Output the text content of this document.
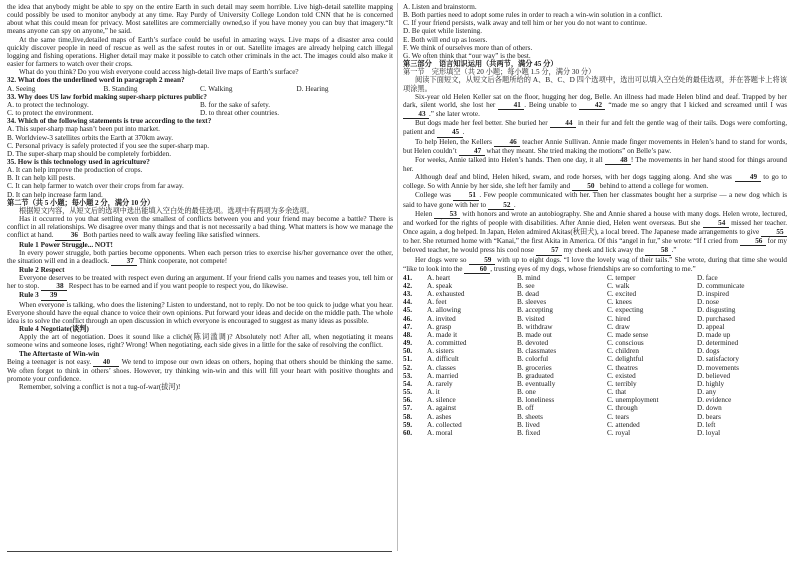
the idea that anybody might be able to spy on the entire Earth in such detail may seem horrible. Live high-detail satellite mapping could possibly be used to monitor anybody at any time. Ray Purdy of University College London told CNN that he is concerned about what this could mean for privacy. Most satellites are commercially owned,so if you have money you can buy that imagery.“It means anyone can spy on anyone,” he said.

At the same time,live,detailed maps of Earth’s surface could be useful in amazing ways. Live maps of a disaster area could quickly discover people in need of rescue as well as the safest routes in or out. Satellite images are already helping catch illegal logging and fishing operations. Higher detail may make it possible to catch other criminals in the act. The images could also make it easier for farmers to watch over their crops.

What do you think? Do you wish everyone could access high-detail live maps of Earth’s surface?

32. What does the underlined word in paragraph 2 mean?

A. Seeing	B. Standing	C. Walking	D. Hearing

33. Why does US law forbid making super-sharp pictures public?

A. to protect the technology.	B. for the sake of safety.
C. to protect the environment.	D. to threat other countries.

34. Which of the following statements is true according to the text?

A. This super-sharp map hasn’t been put into market.

B. Worldview-3 satellites orbits the Earth at 370km away.

C. Personal privacy is safely protected if you see the super-sharp map.

D. The super-sharp map should be completely forbidden.

35. How is this technology used in agriculture?

A. It can help improve the production of crops.

B. It can help kill pests.

C. It can help farmer to watch over their crops from far away.

D. It can help increase farm land.

第二节（共 5 小题；每小题 2 分，满分 10 分）

根据短文内容，从短文后的选项中选出能填入空白处的最佳选项。选项中有两项为多余选项。

Has it occurred to you that settling even the smallest of conflicts between you and your friend may become a battle? There is conflict in all relationships. We disagree over many things and that is not necessarily a bad thing. What matters is how we manage the conflict at hand. 36 Both parties need to walk away feeling like satisfied winners.

Rule 1 Power Struggle... NOT!

In every power struggle, both parties become opponents. When each person tries to exercise his/her governance over the other, the situation will end in a deadlock. 37 Think cooperate, not compete!

Rule 2 Respect

Everyone deserves to be treated with respect even during an argument. If your friend calls you names and teases you, tell him or her to stop. 38 Respect has to be earned and if you want people to respect you, do likewise.

Rule 3 39

When everyone is talking, who does the listening? Listen to understand, not to reply. Do not be too quick to judge what you hear. Everyone should have the equal chance to voice their own opinions. Put forward your ideas and decide on the middle path. The whole idea is to solve the conflict through an open discussion in which everyone is encouraged to suggest as many ideas as possible.

Rule 4 Negotiate(谈判)

Apply the art of negotiation. Does it sound like a cliché(陈词滥调)? Absolutely not! After all, when negotiating it means someone wins and someone loses, right? Wrong! When negotiating, each side gives in a little for the sake of resolving the conflict.

The Aftertaste of Win-win

Being a teenager is not easy. 40 We tend to impose our own ideas on others, hoping that others should be thinking the same. We often forget to think in others’ shoes. However, try thinking win-win and this will fill your heart with positive thoughts and promote your confidence.

Remember, solving a conflict is not a tug-of-war(拔河)!

A. Listen and brainstorm.

B. Both parties need to adopt some rules in order to reach a win-win solution in a conflict.

C. If your friend persists, walk away and tell him or her you do not want to continue.

D. Be quiet while listening.

E. Both will end up as losers.

F. We think of ourselves more than of others.

G. We often think that “our way” is the best.

第三部分　语言知识运用（共两节，满分 45 分）

第一节　完形填空（共 20 小题；每小题 1.5 分，满分 30 分）

阅读下面短文，从短文后各题所给的 A、B、C、D 四个选项中，选出可以填入空白处的最佳选项，并在答题卡上将该项涂黑。

Six-year old Helen Keller sat on the floor, hugging her dog, Belle. An illness had made Helen blind and deaf. Trapped by her dark, silent world, she lost her	41 . Being unable to	42 “made me so angry that I kicked and screamed until I was 43 .” she later wrote.

But dogs made her feel better. She buried her 44 in their fur and felt the gentle wag of their tails. Dogs were comforting, patient and 45 .

To help Helen, the Kellers 46 teacher Annie Sullivan. Annie made finger movements in Helen’s hand to stand for words, but Helen couldn’t 47 what they meant. She tried making the motions” on Belle’s paw.

For weeks, Annie talked into Helen’s hands. Then one day, it all 48 ! The movements in her hand stood for things around her.

Although deaf and blind, Helen hiked, swam, and rode horses, with her dogs tagging along. And she was	49 to go to college. So with Annie by her side, she left her family and 50 behind to attend a college for women.

College was 51 . Few people communicated with her. Then her classmates bought her a surprise — a new dog which is said to have gone with her to 52 .

Helen 53 with honors and wrote an autobiography. She and Annie shared a house with many dogs. Helen wrote, lectured, and worked for the rights of people with disabilities. After Annie died, Helen went overseas. But she 54 missed her teacher. Once again, a dog helped. In Japan, Helen admired Akitas(秋田犬), a local breed. The Japanese made arrangements to give 55 to her. She returned home with “Kanai,” the first Akita in America. Of this “angel in fur,” she wrote: “If I cried from 56 for my beloved teacher, he would press his cool nose 57 my cheek and lick away the 58 .”

Her dogs were so 59 with up to eight dogs. “I love the lovely wag of their tails.” She wrote, during that time she would “like to look into the 60 , trusting eyes of my dogs, whose friendships are so comforting to me.”

41.	A. heart	B. mind	C. temper	D. face
42.	A. speak	B. see	C. walk	D. communicate
43.	A. exhausted	B. dead	C. excited	D. inspired
44.	A. feet	B. sleeves	C. knees	D. nose
45.	A. allowing	B. accepting	C. expecting	D. disgusting
46.	A. invited	B. visited	C. hired	D. purchased
47.	A. grasp	B. withdraw	C. draw	D. appeal
48.	A. made it	B. made out	C. made sense	D. made up
49.	A. committed	B. devoted	C. conscious	D. determined
50.	A. sisters	B. classmates	C. children	D. dogs
51.	A. difficult	B. colorful	C. delightful	D. satisfactory
52.	A. classes	B. groceries	C. theatres	D. movements
53.	A. married	B. graduated	C. existed	D. believed
54.	A. rarely	B. eventually	C. terribly	D. highly
55.	A. it	B. one	C. that	D. any
56.	A. silence	B. loneliness	C. unemployment	D. evidence
57.	A. against	B. off	C. through	D. down
58.	A. ashes	B. sheets	C. tears	D. bears
59.	A. collected	B. lived	C. attended	D. left
60.	A. moral	B. fixed	C. royal	D. loyal
